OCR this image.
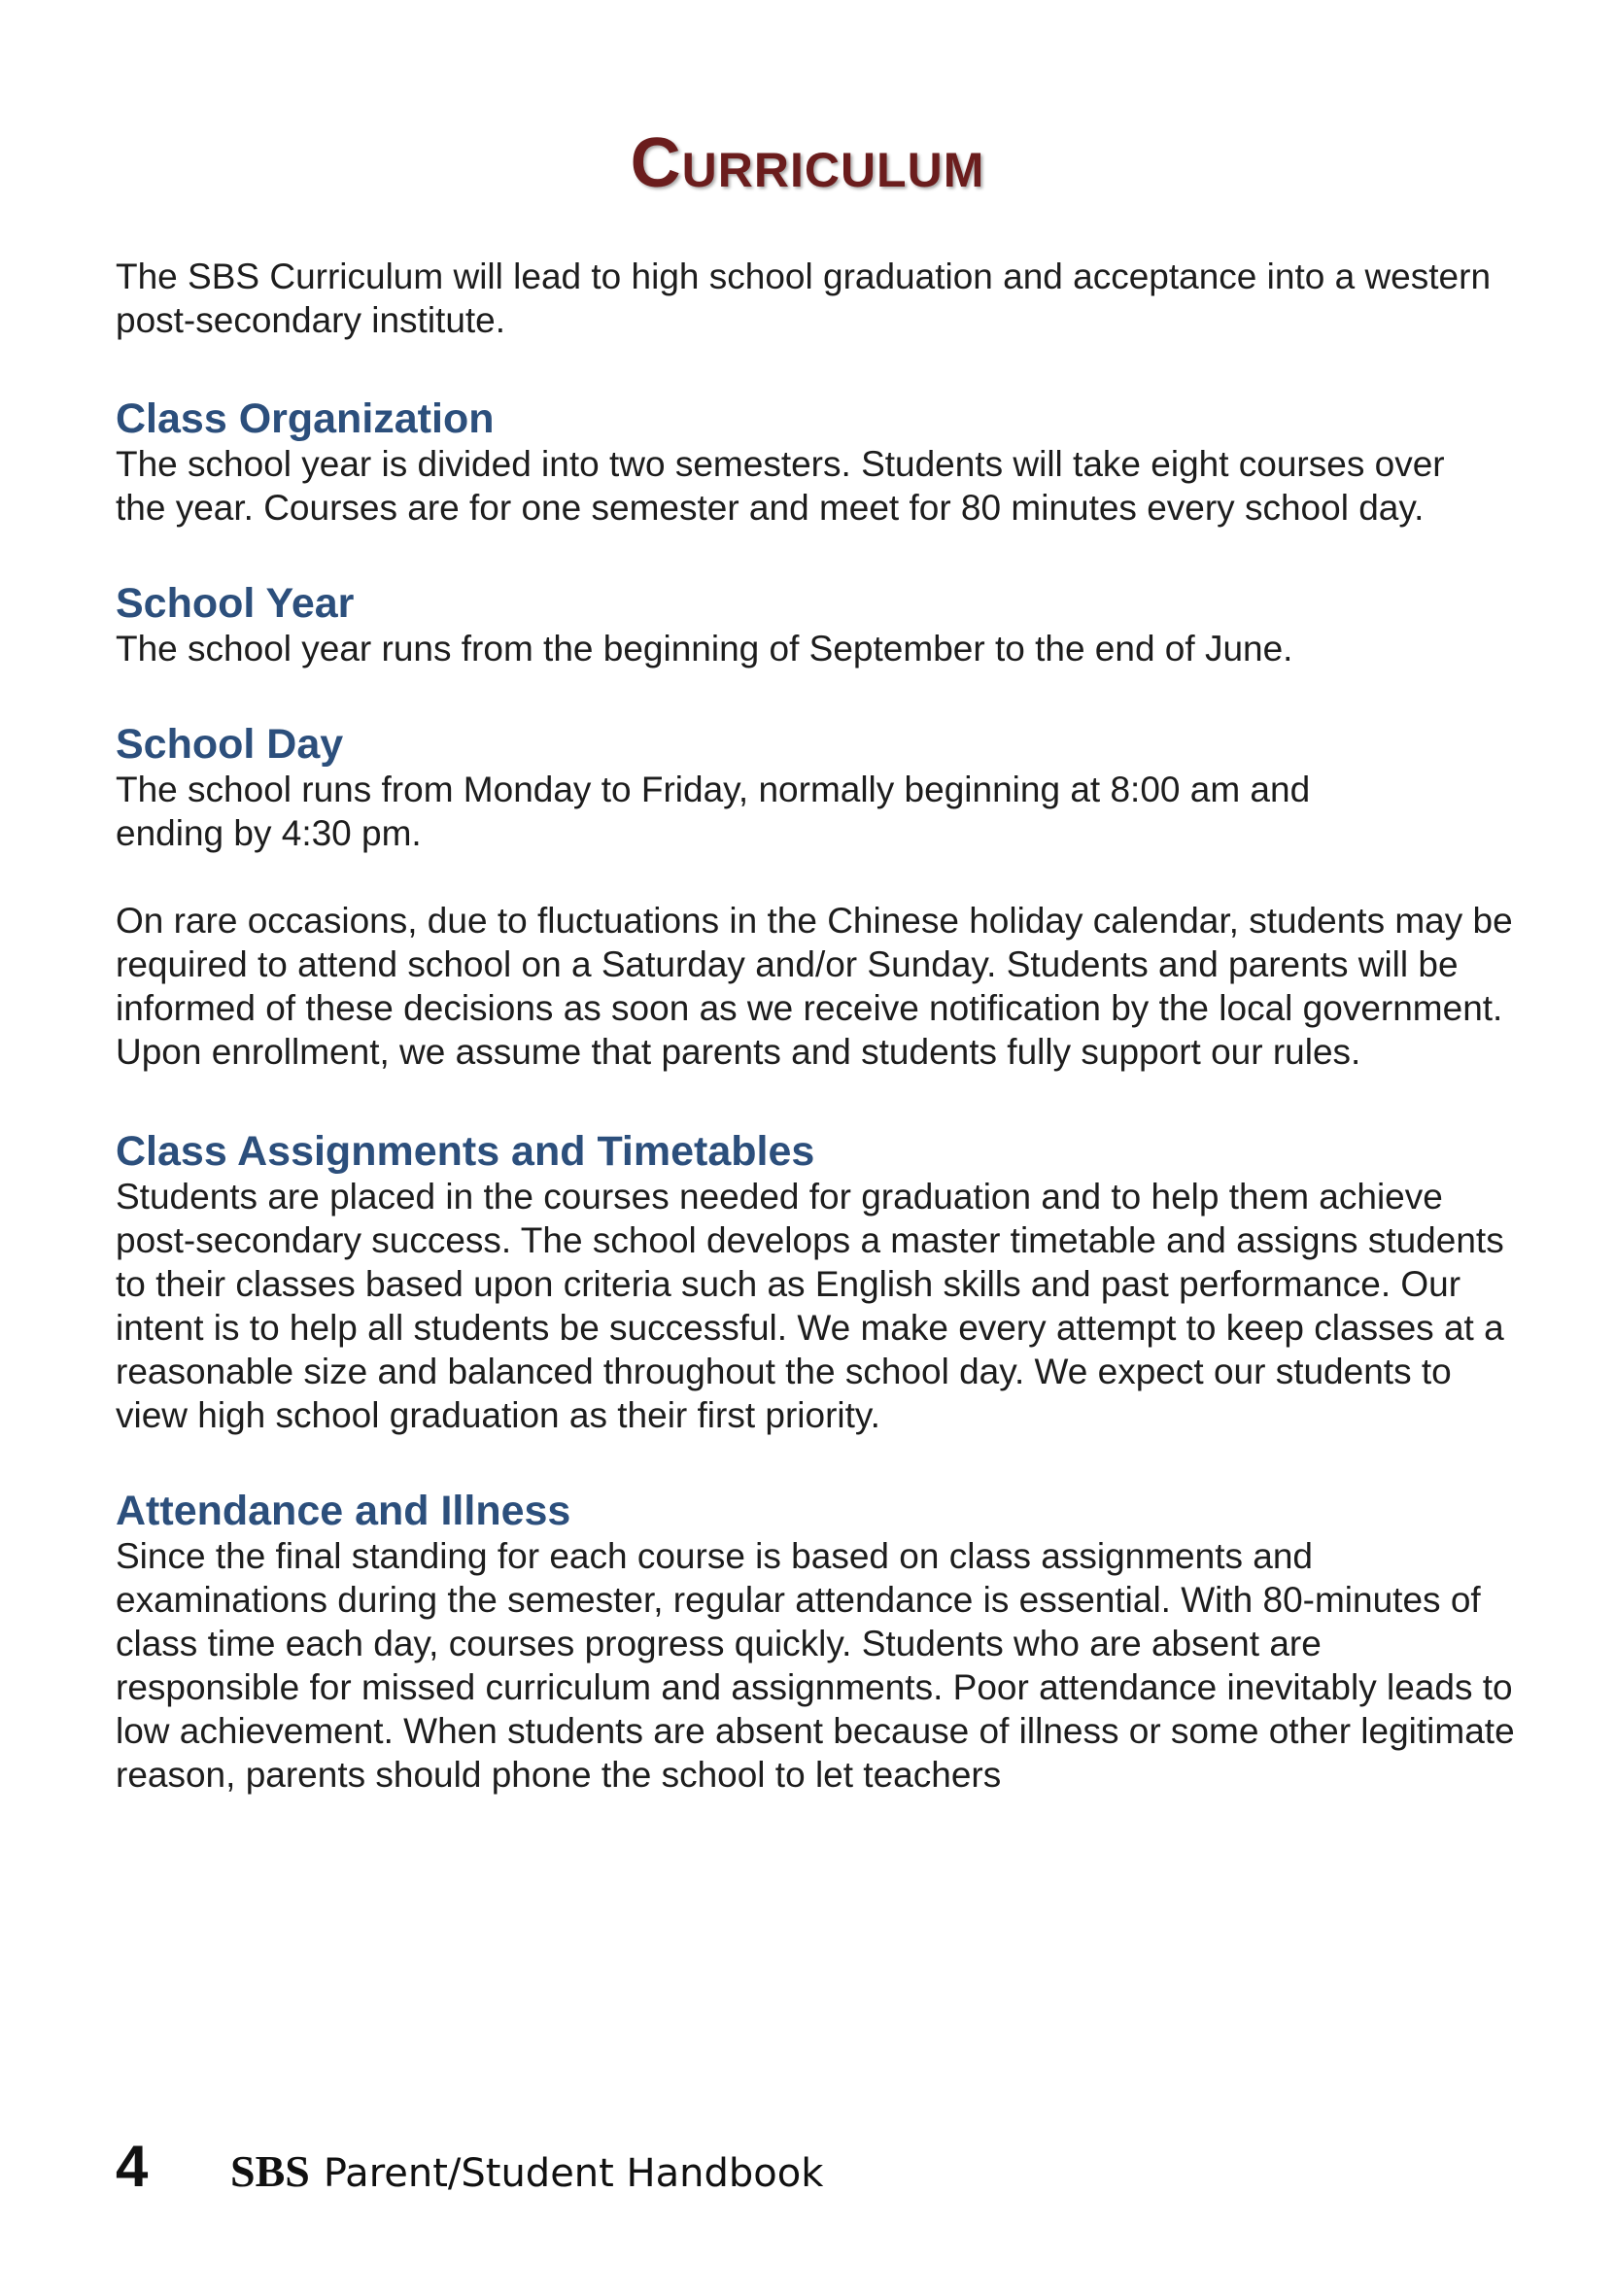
Curriculum

The SBS Curriculum will lead to high school graduation and acceptance into a western post-secondary institute.

Class Organization

The school year is divided into two semesters. Students will take eight courses over the year. Courses are for one semester and meet for 80 minutes every school day.

School Year

The school year runs from the beginning of September to the end of June.

School Day

The school runs from Monday to Friday, normally beginning at 8:00 am and ending by 4:30 pm.

On rare occasions, due to fluctuations in the Chinese holiday calendar, students may be required to attend school on a Saturday and/or Sunday. Students and parents will be informed of these decisions as soon as we receive notification by the local government. Upon enrollment, we assume that parents and students fully support our rules.

Class Assignments and Timetables

Students are placed in the courses needed for graduation and to help them achieve post-secondary success. The school develops a master timetable and assigns students to their classes based upon criteria such as English skills and past performance. Our intent is to help all students be successful. We make every attempt to keep classes at a reasonable size and balanced throughout the school day. We expect our students to view high school graduation as their first priority.

Attendance and Illness

Since the final standing for each course is based on class assignments and examinations during the semester, regular attendance is essential. With 80-minutes of class time each day, courses progress quickly. Students who are absent are responsible for missed curriculum and assignments. Poor attendance inevitably leads to low achievement. When students are absent because of illness or some other legitimate reason, parents should phone the school to let teachers

4	SBS Parent/Student Handbook
